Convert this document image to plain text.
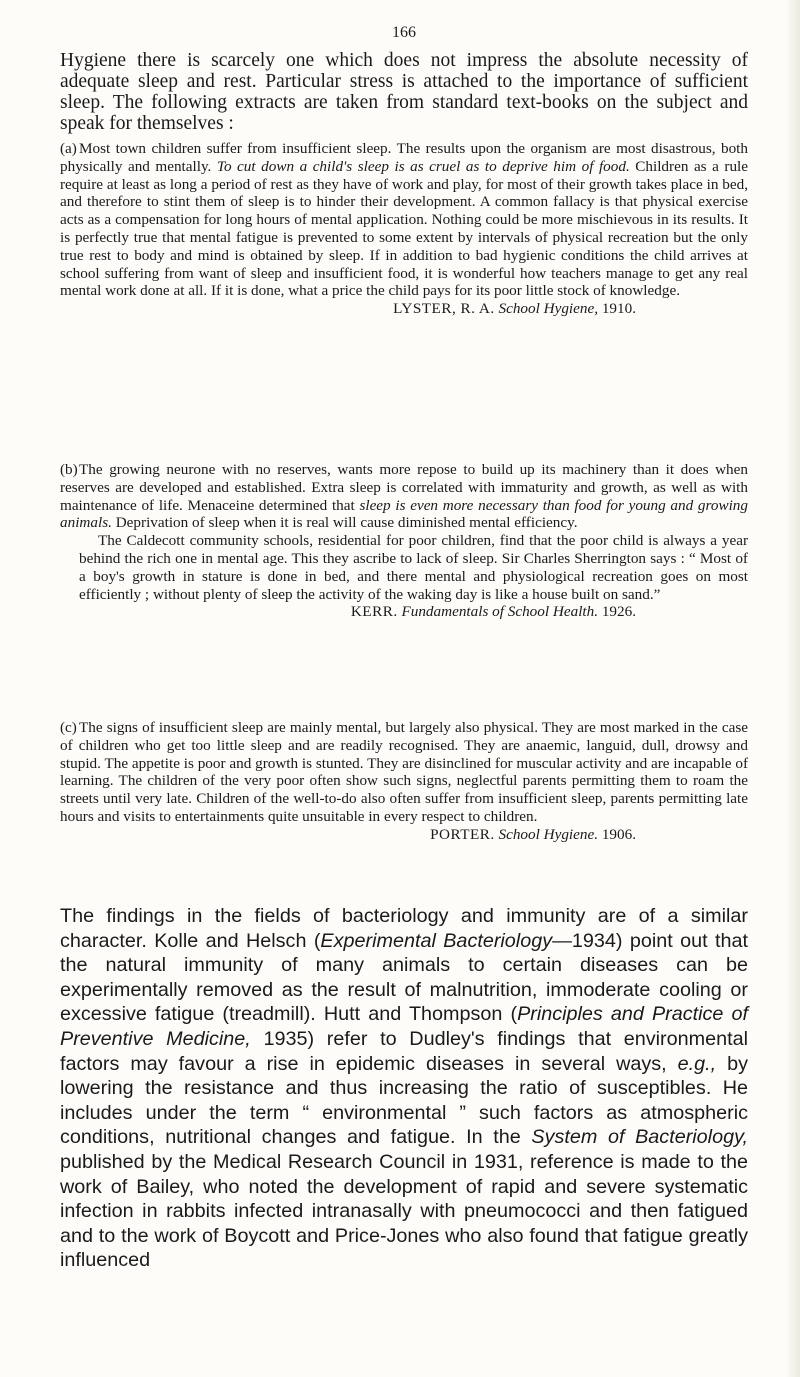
166

Hygiene there is scarcely one which does not impress the absolute necessity of adequate sleep and rest. Particular stress is attached to the importance of sufficient sleep. The following extracts are taken from standard text-books on the subject and speak for themselves :

(a) Most town children suffer from insufficient sleep. The results upon the organism are most disastrous, both physically and mentally. To cut down a child's sleep is as cruel as to deprive him of food. Children as a rule require at least as long a period of rest as they have of work and play, for most of their growth takes place in bed, and therefore to stint them of sleep is to hinder their development. A common fallacy is that physical exercise acts as a compensation for long hours of mental application. Nothing could be more mischievous in its results. It is perfectly true that mental fatigue is prevented to some extent by intervals of physical recreation but the only true rest to body and mind is obtained by sleep. If in addition to bad hygienic conditions the child arrives at school suffering from want of sleep and insufficient food, it is wonderful how teachers manage to get any real mental work done at all. If it is done, what a price the child pays for its poor little stock of knowledge.

LYSTER, R. A. School Hygiene, 1910.

(b)The growing neurone with no reserves, wants more repose to build up its machinery than it does when reserves are developed and established. Extra sleep is correlated with immaturity and growth, as well as with maintenance of life. Menaceine determined that sleep is even more necessary than food for young and growing animals. Deprivation of sleep when it is real will cause diminished mental efficiency.

The Caldecott community schools, residential for poor children, find that the poor child is always a year behind the rich one in mental age. This they ascribe to lack of sleep. Sir Charles Sherrington says : “ Most of a boy's growth in stature is done in bed, and there mental and physiological recreation goes on most efficiently ; without plenty of sleep the activity of the waking day is like a house built on sand.”

KERR. Fundamentals of School Health. 1926.

(c) The signs of insufficient sleep are mainly mental, but largely also physical. They are most marked in the case of children who get too little sleep and are readily recognised. They are anaemic, languid, dull, drowsy and stupid. The appetite is poor and growth is stunted. They are disinclined for muscular activity and are incapable of learning. The children of the very poor often show such signs, neglectful parents permitting them to roam the streets until very late. Children of the well-to-do also often suffer from insufficient sleep, parents permitting late hours and visits to entertainments quite unsuitable in every respect to children.

PORTER. School Hygiene. 1906.

The findings in the fields of bacteriology and immunity are of a similar character. Kolle and Helsch (Experimental Bacteriology—1934) point out that the natural immunity of many animals to certain diseases can be experimentally removed as the result of malnutrition, immoderate cooling or excessive fatigue (treadmill). Hutt and Thompson (Principles and Practice of Preventive Medicine, 1935) refer to Dudley's findings that environmental factors may favour a rise in epidemic diseases in several ways, e.g., by lowering the resistance and thus increasing the ratio of susceptibles. He includes under the term “ environmental ” such factors as atmospheric conditions, nutritional changes and fatigue. In the System of Bacteriology, published by the Medical Research Council in 1931, reference is made to the work of Bailey, who noted the development of rapid and severe systematic infection in rabbits infected intranasally with pneumococci and then fatigued and to the work of Boycott and Price-Jones who also found that fatigue greatly influenced
